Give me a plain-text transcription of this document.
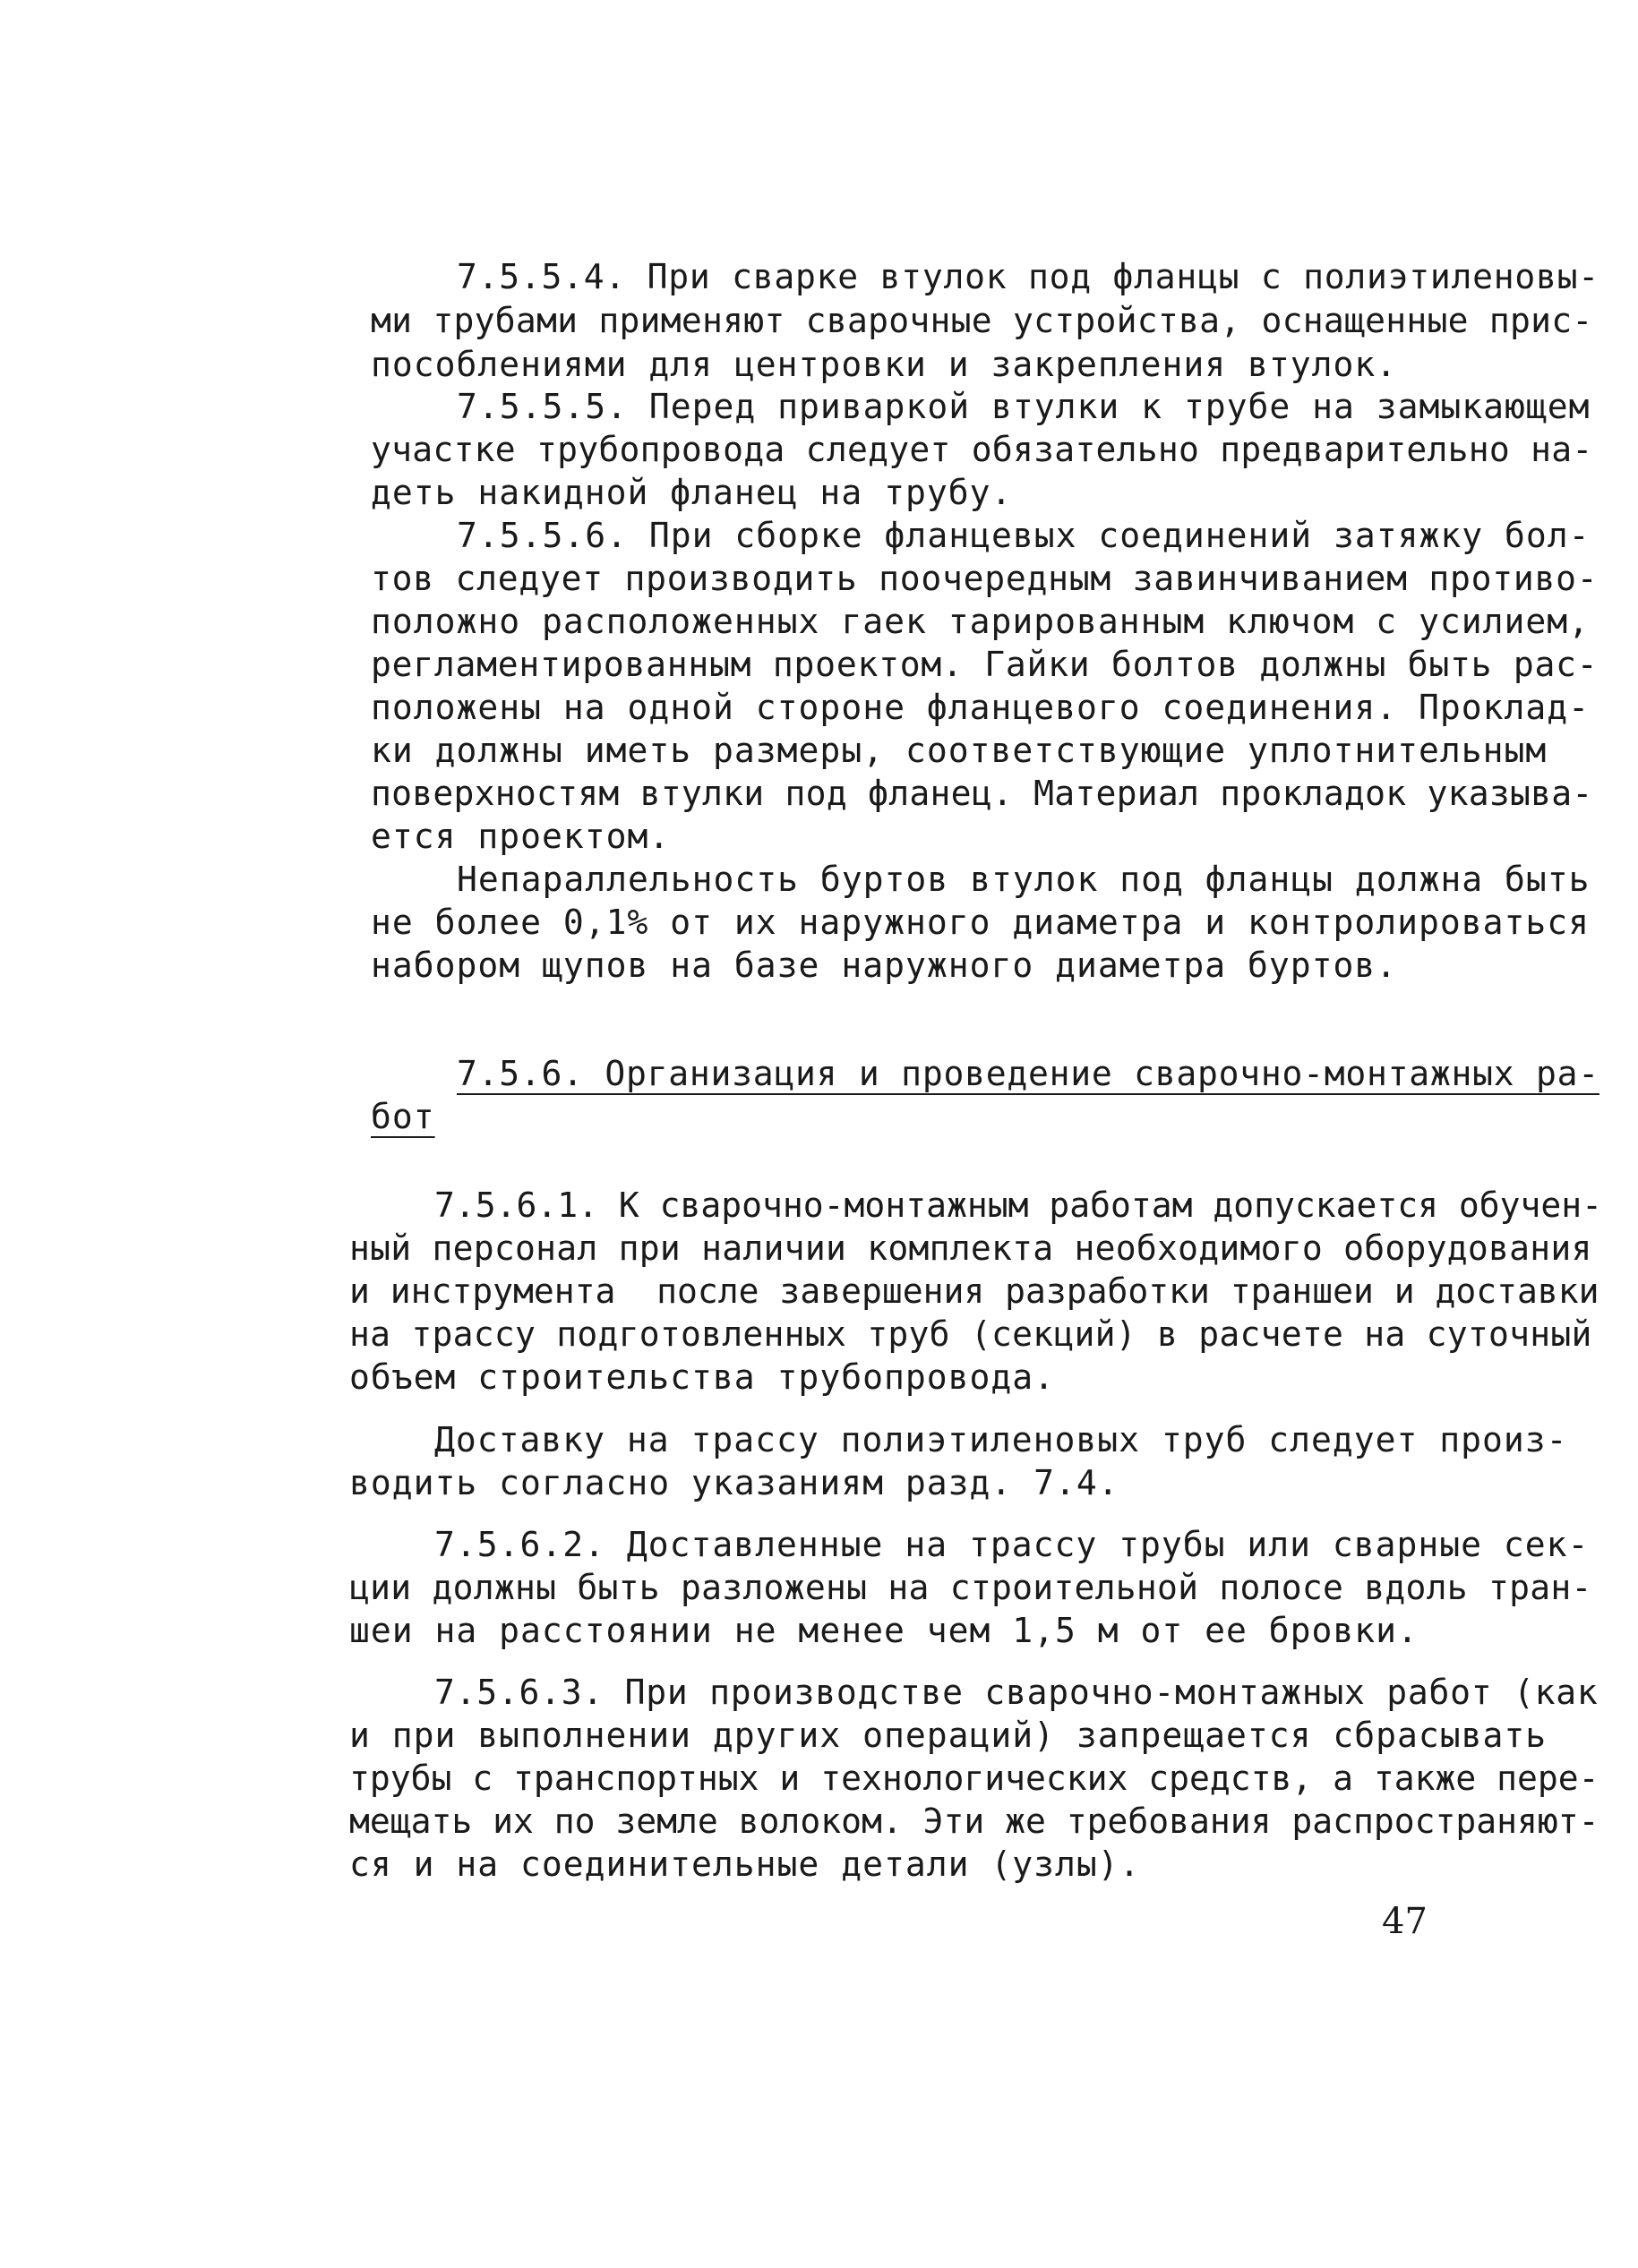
7.5.5.4. При сварке втулок под фланцы с полиэтиленовы-
ми трубами применяют сварочные устройства, оснащенные прис-
пособлениями для центровки и закрепления втулок.
7.5.5.5. Перед приваркой втулки к трубе на замыкающем
участке трубопровода следует обязательно предварительно на-
деть накидной фланец на трубу.
7.5.5.6. При сборке фланцевых соединений затяжку бол-
тов следует производить поочередным завинчиванием противо-
положно расположенных гаек тарированным ключом с усилием,
регламентированным проектом. Гайки болтов должны быть рас-
положены на одной стороне фланцевого соединения. Проклад-
ки должны иметь размеры, соответствующие уплотнительным
поверхностям втулки под фланец. Материал прокладок указыва-
ется проектом.
Непараллельность буртов втулок под фланцы должна быть
не более 0,1% от их наружного диаметра и контролироваться
набором щупов на базе наружного диаметра буртов.
7.5.6. Организация и проведение сварочно-монтажных ра-
бот
7.5.6.1. К сварочно-монтажным работам допускается обучен-
ный персонал при наличии комплекта необходимого оборудования
и инструмента  после завершения разработки траншеи и доставки
на трассу подготовленных труб (секций) в расчете на суточный
объем строительства трубопровода.
Доставку на трассу полиэтиленовых труб следует произ-
водить согласно указаниям разд. 7.4.
7.5.6.2. Доставленные на трассу трубы или сварные сек-
ции должны быть разложены на строительной полосе вдоль тран-
шеи на расстоянии не менее чем 1,5 м от ее бровки.
7.5.6.3. При производстве сварочно-монтажных работ (как
и при выполнении других операций) запрещается сбрасывать
трубы с транспортных и технологических средств, а также пере-
мещать их по земле волоком. Эти же требования распространяют-
ся и на соединительные детали (узлы).
47
